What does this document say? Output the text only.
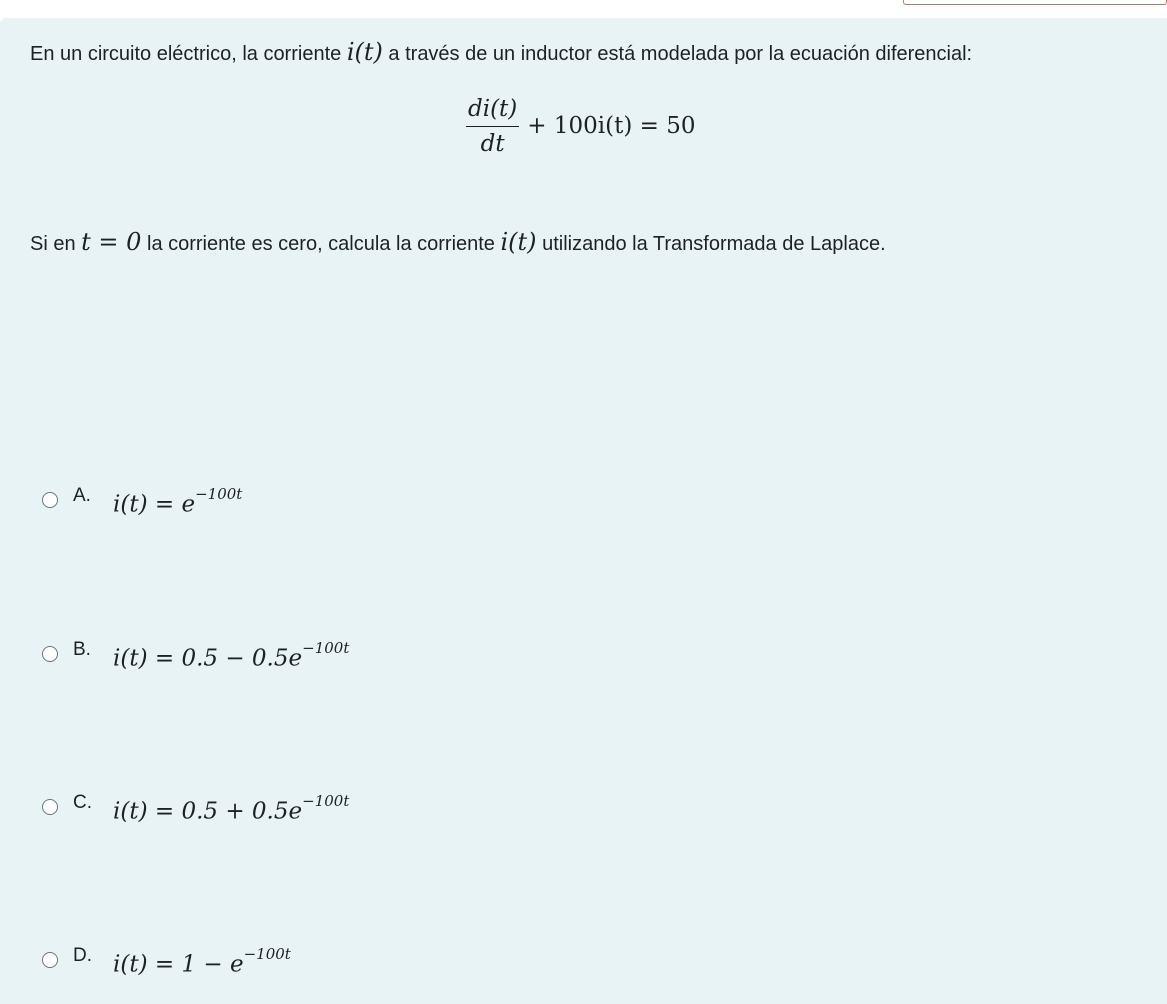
En un circuito eléctrico, la corriente i(t) a través de un inductor está modelada por la ecuación diferencial:
$\frac{di(t)}{dt} + 100i(t) = 50$
Si en t = 0 la corriente es cero, calcula la corriente i(t) utilizando la Transformada de Laplace.
A. $i(t) = e^{-100t}$
B. $i(t) = 0.5 - 0.5e^{-100t}$
C. $i(t) = 0.5 + 0.5e^{-100t}$
D. $i(t) = 1 - e^{-100t}$
